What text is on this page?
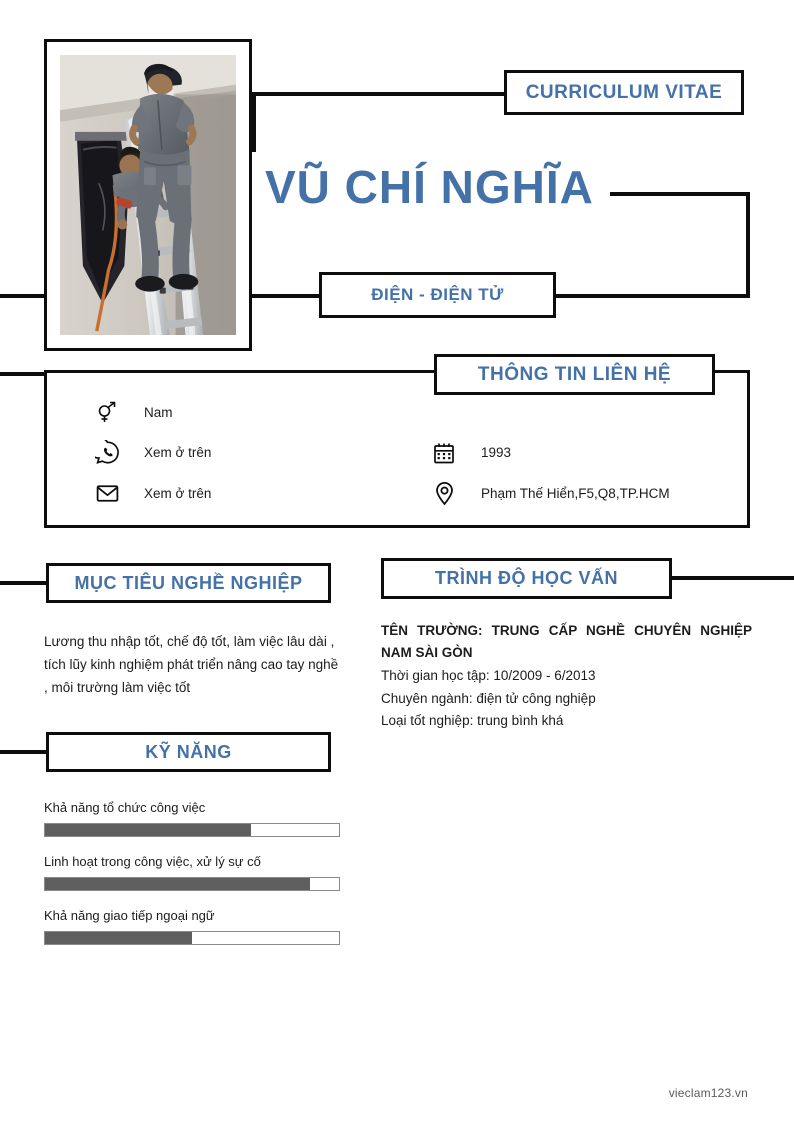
CURRICULUM VITAE
VŨ CHÍ NGHĨA
ĐIỆN - ĐIỆN TỬ
Nam
Xem ở trên	1993
Xem ở trên	Phạm Thế Hiển,F5,Q8,TP.HCM
THÔNG TIN LIÊN HỆ
MỤC TIÊU NGHỀ NGHIỆP
Lương thu nhập tốt, chế độ tốt, làm việc lâu dài , tích lũy kinh nghiệm phát triển nâng cao tay nghề , môi trường làm việc tốt
TRÌNH ĐỘ HỌC VẤN
TÊN TRƯỜNG: TRUNG CẤP NGHỀ CHUYÊN NGHIỆP NAM SÀI GÒN
Thời gian học tập: 10/2009 - 6/2013
Chuyên ngành: điện tử công nghiệp
Loại tốt nghiệp: trung bình khá
KỸ NĂNG
Khả năng tổ chức công việc
Linh hoạt trong công việc, xử lý sự cố
Khả năng giao tiếp ngoại ngữ
vieclam123.vn
